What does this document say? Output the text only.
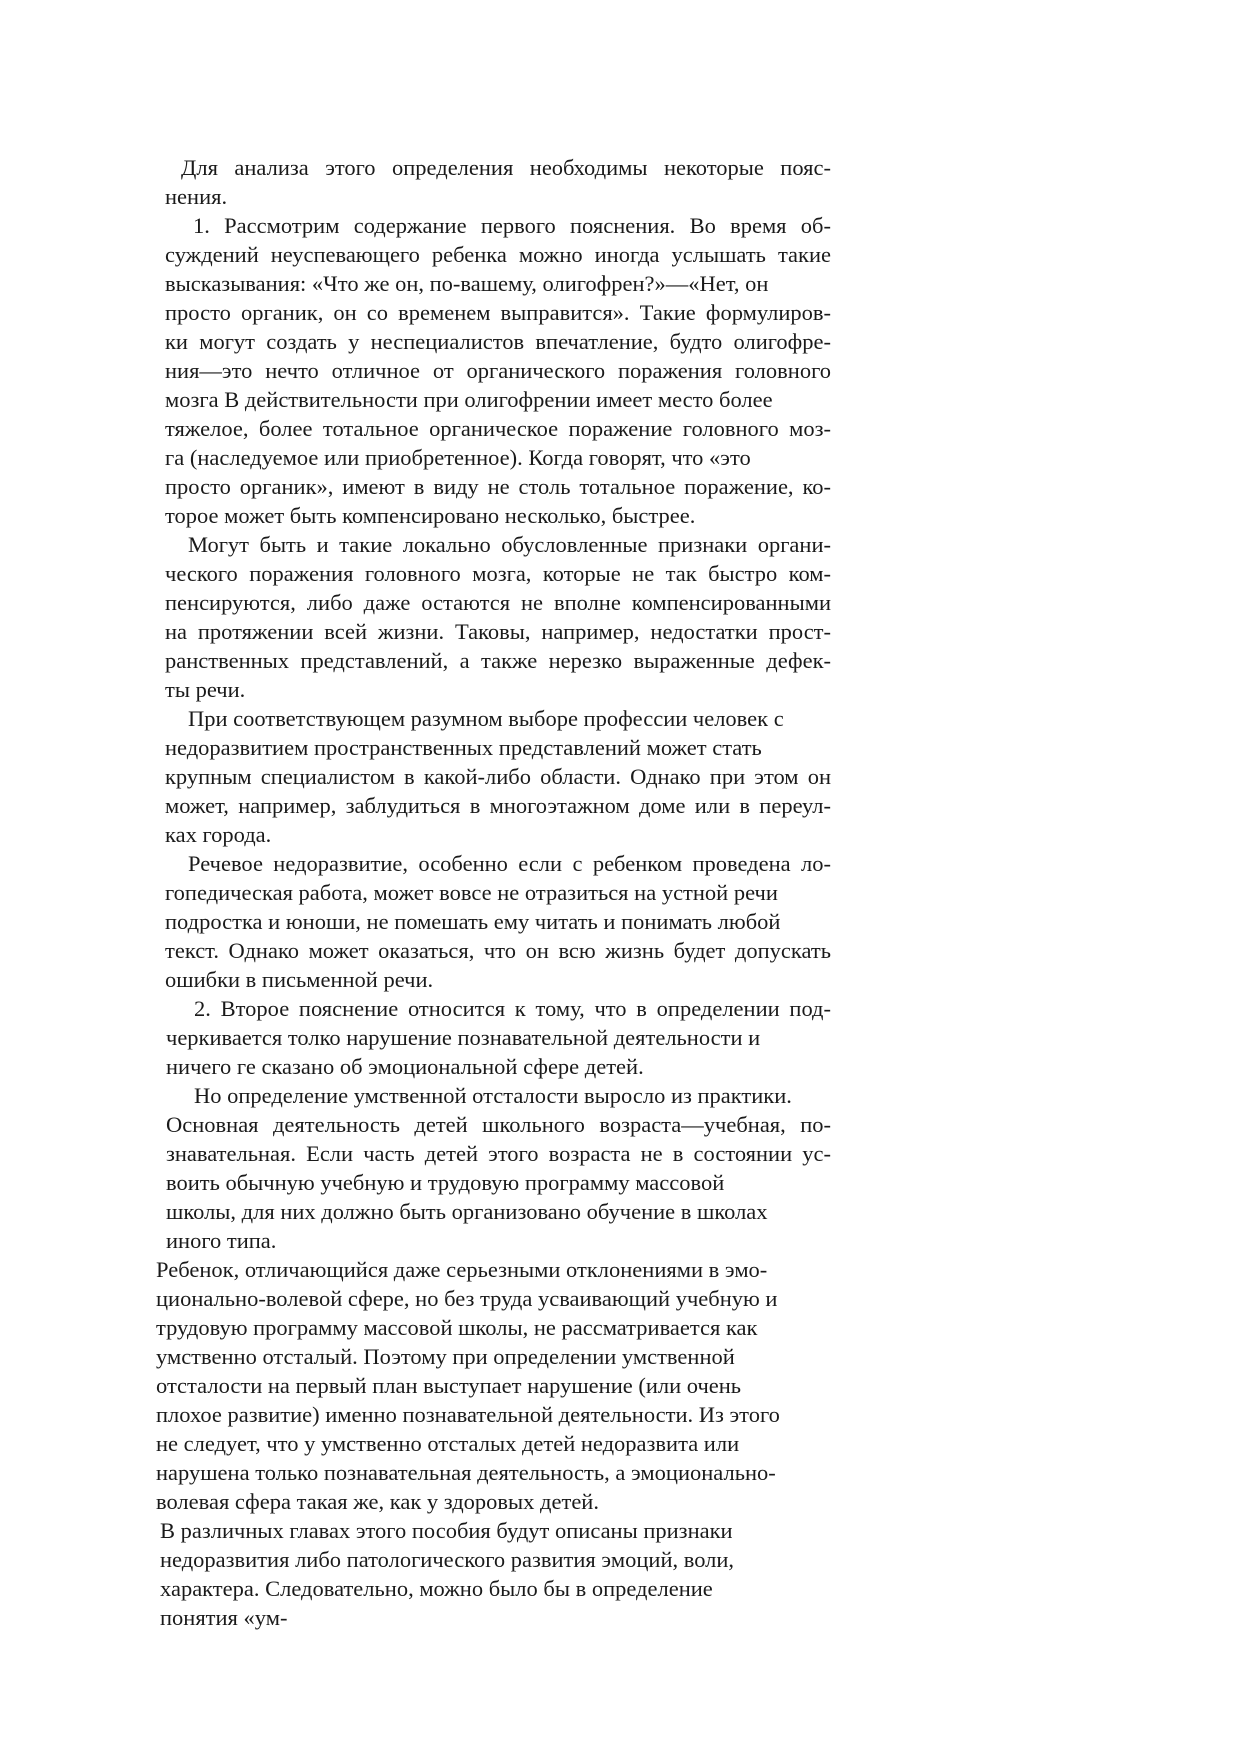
Для анализа этого определения необходимы некоторые пояс-

нения.

1. Рассмотрим содержание первого пояснения. Во время об-

суждений неуспевающего ребенка можно иногда услышать такие

высказывания: «Что же он, по-вашему, олигофрен?»—«Нет, он

просто органик, он со временем выправится». Такие формулиров-

ки могут создать у неспециалистов впечатление, будто олигофре-

ния—это нечто отличное от органического поражения головного

мозга В действительности при олигофрении имеет место более

тяжелое, более тотальное органическое поражение головного моз-

га (наследуемое или приобретенное). Когда говорят, что «это

просто органик», имеют в виду не столь тотальное поражение, ко-

торое может быть компенсировано несколько, быстрее.

Могут быть и такие локально обусловленные признаки органи-

ческого поражения головного мозга, которые не так быстро ком-

пенсируются, либо даже остаются не вполне компенсированными

на протяжении всей жизни. Таковы, например, недостатки прост-

ранственных представлений, а также нерезко выраженные дефек-

ты речи.

При соответствующем разумном выборе профессии человек с

недоразвитием пространственных представлений может стать

крупным специалистом в какой-либо области. Однако при этом он

может, например, заблудиться в многоэтажном доме или в переул-

ках города.

Речевое недоразвитие, особенно если с ребенком проведена ло-

гопедическая работа, может вовсе не отразиться на устной речи

подростка и юноши, не помешать ему читать и понимать любой

текст. Однако может оказаться, что он всю жизнь будет допускать

ошибки в письменной речи.

2. Второе пояснение относится к тому, что в определении под-

черкивается толко нарушение познавательной деятельности и

ничего ге сказано об эмоциональной сфере детей.

Но определение умственной отсталости выросло из практики.

Основная деятельность детей школьного возраста—учебная, по-

знавательная. Если часть детей этого возраста не в состоянии ус-

воить обычную учебную и трудовую программу массовой

школы, для них должно быть организовано обучение в школах

иного типа.

Ребенок, отличающийся даже серьезными отклонениями в эмо-

ционально-волевой сфере, но без труда усваивающий учебную и

трудовую программу массовой школы, не рассматривается как

умственно отсталый. Поэтому при определении умственной

отсталости на первый план выступает нарушение (или очень

плохое развитие) именно познавательной деятельности. Из этого

не следует, что у умственно отсталых детей недоразвита или

нарушена только познавательная деятельность, а эмоционально-

волевая сфера такая же, как у здоровых детей.

В различных главах этого пособия будут описаны признаки

недоразвития либо патологического развития эмоций, воли,

характера. Следовательно, можно было бы в определение

понятия «ум-
